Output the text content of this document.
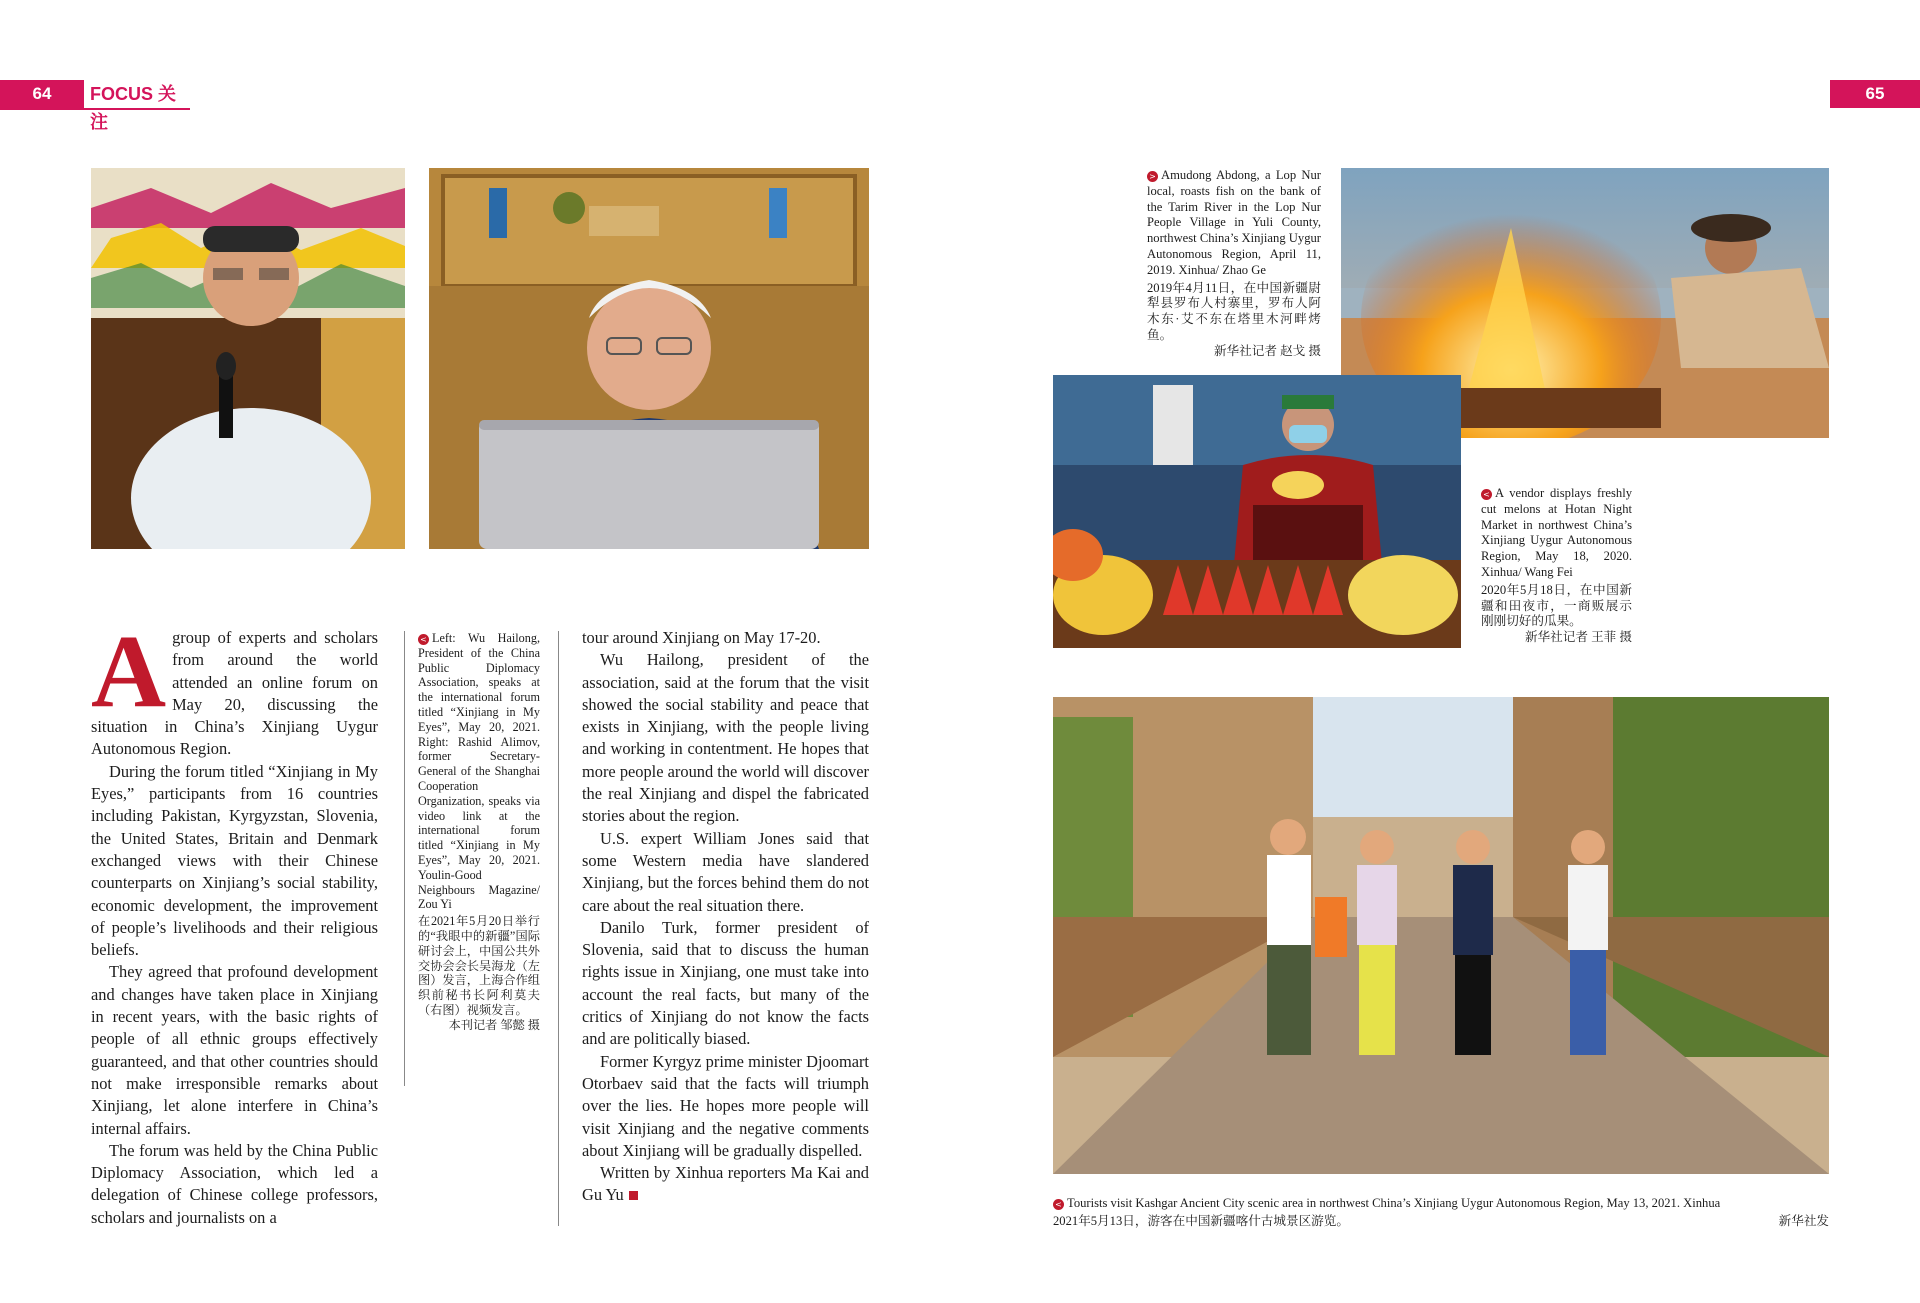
64	FOCUS 关注
65

Agroup of experts and scholars from around the world attended an online forum on May 20, discussing the situation in China’s Xinjiang Uygur Autonomous Region.

During the forum titled “Xinjiang in My Eyes,” participants from 16 countries including Pakistan, Kyrgyzstan, Slovenia, the United States, Britain and Denmark exchanged views with their Chinese counterparts on Xinjiang’s social stability, economic development, the improvement of people’s livelihoods and their religious beliefs.

They agreed that profound development and changes have taken place in Xinjiang in recent years, with the basic rights of people of all ethnic groups effectively guaranteed, and that other countries should not make irresponsible remarks about Xinjiang, let alone interfere in China’s internal affairs.

The forum was held by the China Public Diplomacy Association, which led a delegation of Chinese college professors, scholars and journalists on a

< Left: Wu Hailong, President of the China Public Diplomacy Association, speaks at the international forum titled “Xinjiang in My Eyes”, May 20, 2021. Right: Rashid Alimov, former Secretary-General of the Shanghai Cooperation Organization, speaks via video link at the international forum titled “Xinjiang in My Eyes”, May 20, 2021. Youlin-Good Neighbours Magazine/ Zou Yi

在2021年5月20日举行的“我眼中的新疆”国际研讨会上，中国公共外交协会会长吴海龙（左图）发言，上海合作组织前秘书长阿利莫夫（右图）视频发言。

本刊记者 邹懿 摄

tour around Xinjiang on May 17-20.

Wu Hailong, president of the association, said at the forum that the visit showed the social stability and peace that exists in Xinjiang, with the people living and working in contentment. He hopes that more people around the world will discover the real Xinjiang and dispel the fabricated stories about the region.

U.S. expert William Jones said that some Western media have slandered Xinjiang, but the forces behind them do not care about the real situation there.

Danilo Turk, former president of Slovenia, said that to discuss the human rights issue in Xinjiang, one must take into account the real facts, but many of the critics of Xinjiang do not know the facts and are politically biased.

Former Kyrgyz prime minister Djoomart Otorbaev said that the facts will triumph over the lies. He hopes more people will visit Xinjiang and the negative comments about Xinjiang will be gradually dispelled.

Written by Xinhua reporters Ma Kai and Gu Yu

> Amudong Abdong, a Lop Nur local, roasts fish on the bank of the Tarim River in the Lop Nur People Village in Yuli County, northwest China’s Xinjiang Uygur Autonomous Region, April 11, 2019. Xinhua/ Zhao Ge

2019年4月11日，在中国新疆尉犁县罗布人村寨里，罗布人阿木东·艾不东在塔里木河畔烤鱼。

新华社记者 赵戈 摄

< A vendor displays freshly cut melons at Hotan Night Market in northwest China’s Xinjiang Uygur Autonomous Region, May 18, 2020. Xinhua/ Wang Fei

2020年5月18日，在中国新疆和田夜市，一商贩展示刚刚切好的瓜果。

新华社记者 王菲 摄

< Tourists visit Kashgar Ancient City scenic area in northwest China’s Xinjiang Uygur Autonomous Region, May 13, 2021. Xinhua

2021年5月13日，游客在中国新疆喀什古城景区游览。	新华社发
